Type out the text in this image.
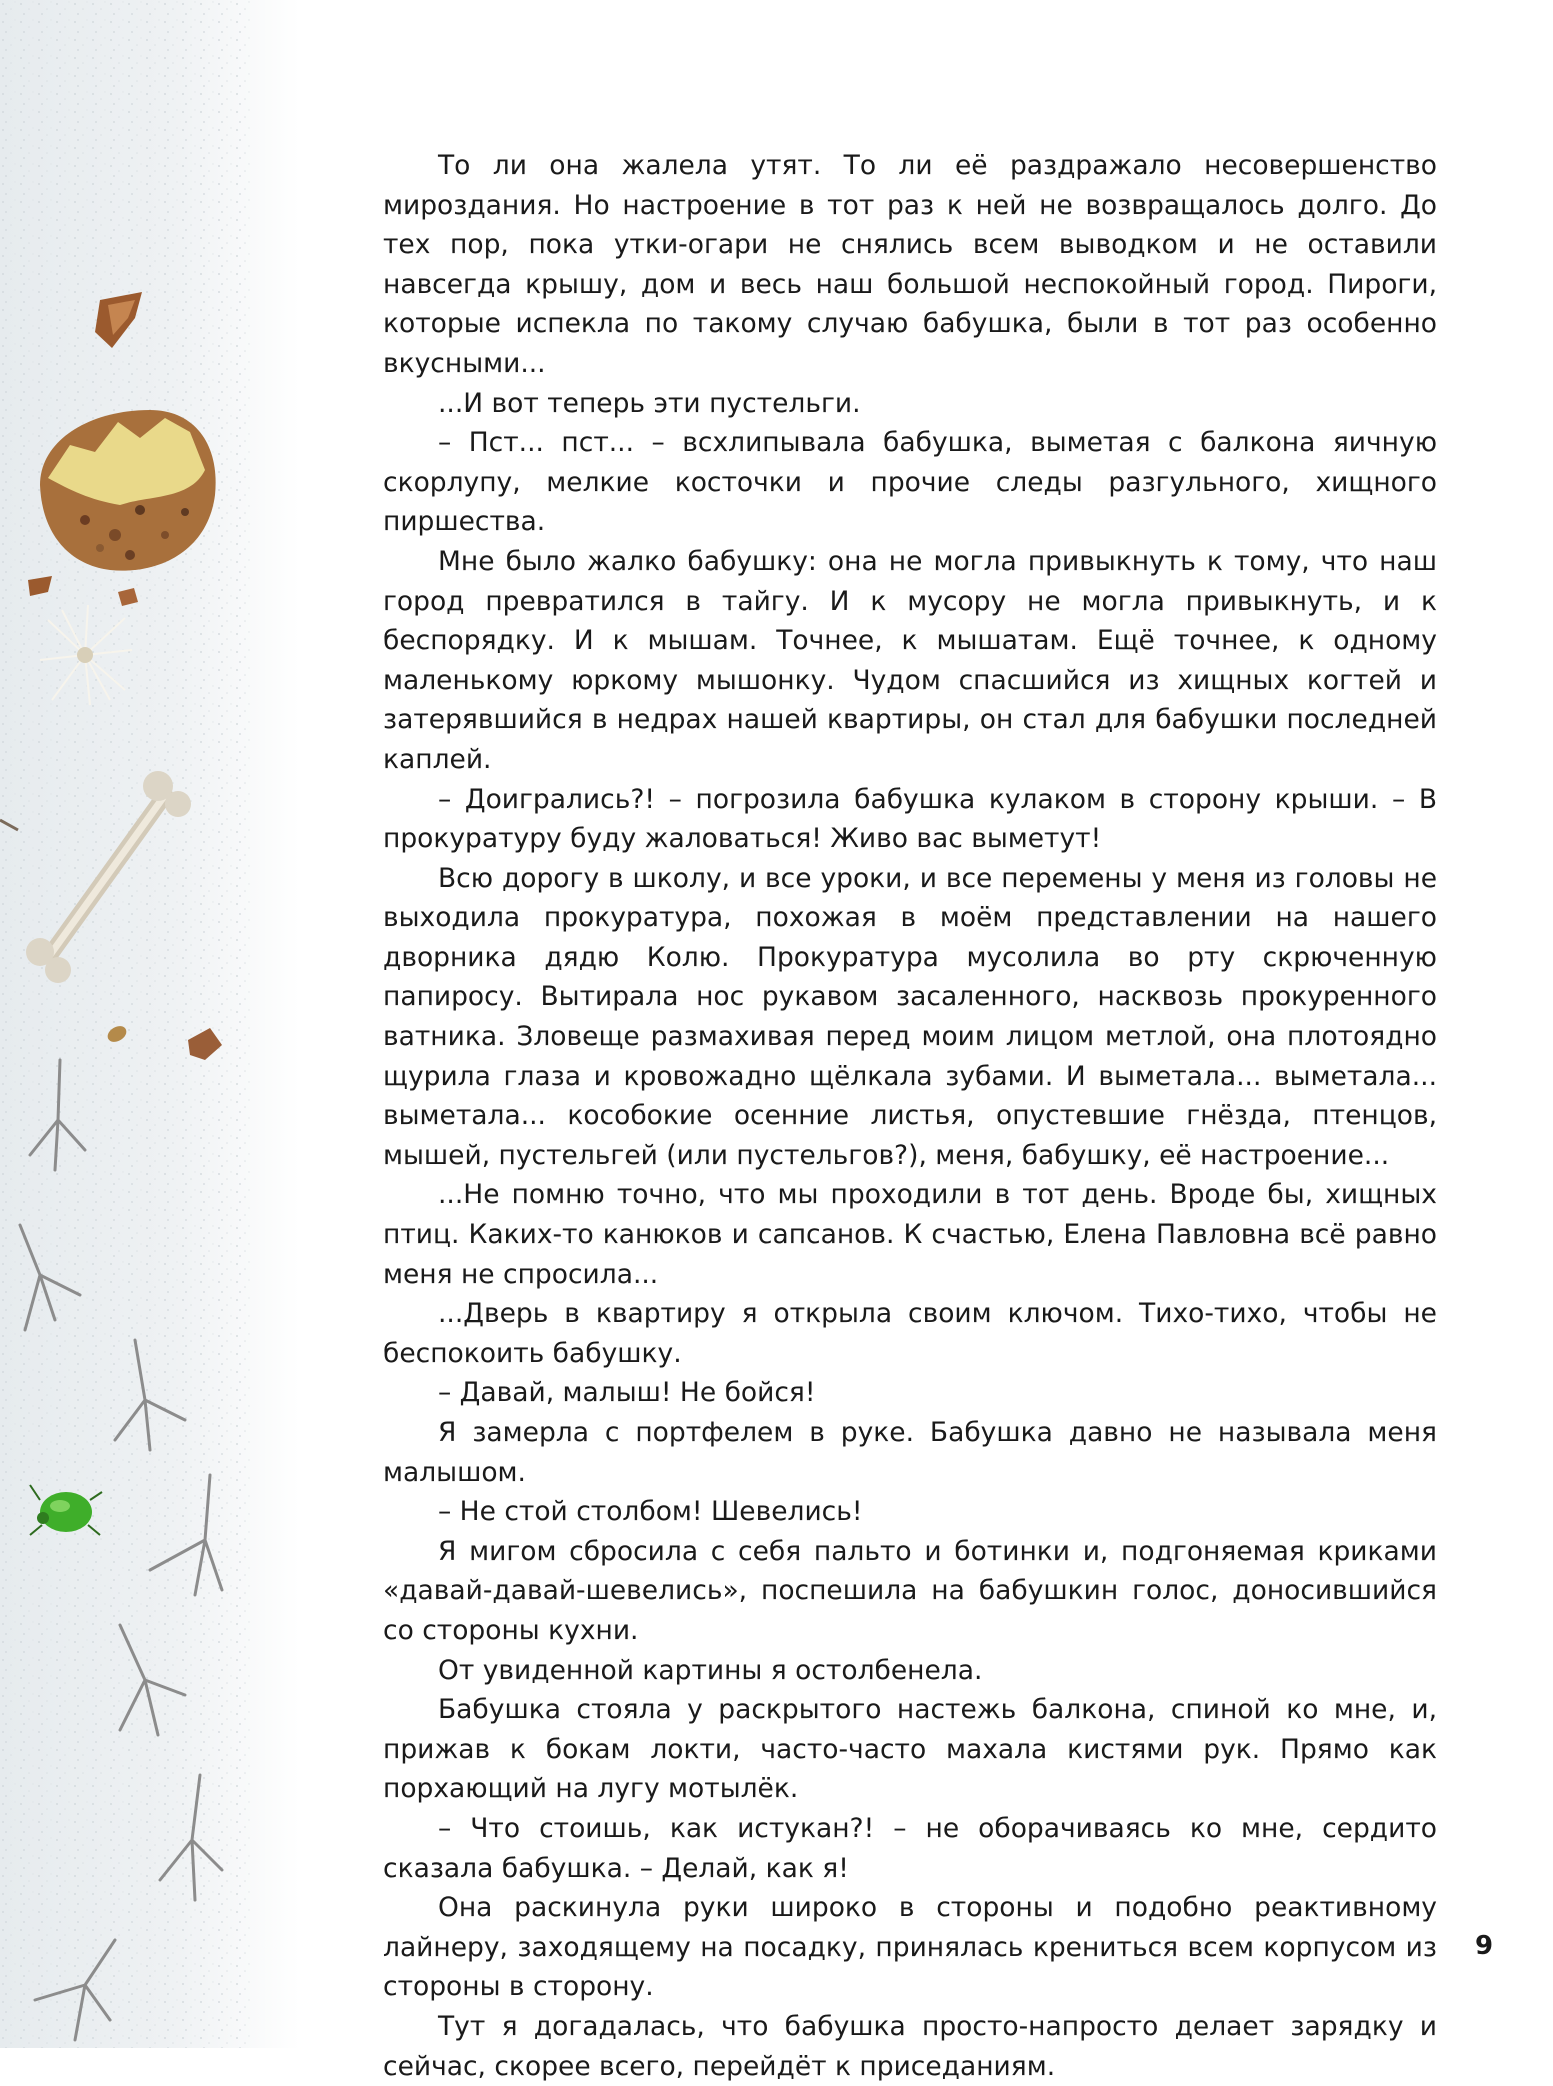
То ли она жалела утят. То ли её раздражало несовершенство мироздания. Но настроение в тот раз к ней не возвращалось долго. До тех пор, пока утки-огари не снялись всем выводком и не оставили навсегда крышу, дом и весь наш большой неспокойный город. Пироги, которые испекла по такому случаю бабушка, были в тот раз особенно вкусными...

...И вот теперь эти пустельги.

– Пст... пст... – всхлипывала бабушка, выметая с балкона яичную скорлупу, мелкие косточки и прочие следы разгульного, хищного пиршества.

Мне было жалко бабушку: она не могла привыкнуть к тому, что наш город превратился в тайгу. И к мусору не могла привыкнуть, и к беспорядку. И к мышам. Точнее, к мышатам. Ещё точнее, к одному маленькому юркому мышонку. Чудом спасшийся из хищных когтей и затерявшийся в недрах нашей квартиры, он стал для бабушки последней каплей.

– Доигрались?! – погрозила бабушка кулаком в сторону крыши. – В прокуратуру буду жаловаться! Живо вас выметут!

Всю дорогу в школу, и все уроки, и все перемены у меня из головы не выходила прокуратура, похожая в моём представлении на нашего дворника дядю Колю. Прокуратура мусолила во рту скрюченную папиросу. Вытирала нос рукавом засаленного, насквозь прокуренного ватника. Зловеще размахивая перед моим лицом метлой, она плотоядно щурила глаза и кровожадно щёлкала зубами. И выметала... выметала... выметала... кособокие осенние листья, опустевшие гнёзда, птенцов, мышей, пустельгей (или пустельгов?), меня, бабушку, её настроение...

...Не помню точно, что мы проходили в тот день. Вроде бы, хищных птиц. Каких-то канюков и сапсанов. К счастью, Елена Павловна всё равно меня не спросила...

...Дверь в квартиру я открыла своим ключом. Тихо-тихо, чтобы не беспокоить бабушку.

– Давай, малыш! Не бойся!

Я замерла с портфелем в руке. Бабушка давно не называла меня малышом.

– Не стой столбом! Шевелись!

Я мигом сбросила с себя пальто и ботинки и, подгоняемая криками «давай-давай-шевелись», поспешила на бабушкин голос, доносившийся со стороны кухни.

От увиденной картины я остолбенела.

Бабушка стояла у раскрытого настежь балкона, спиной ко мне, и, прижав к бокам локти, часто-часто махала кистями рук. Прямо как порхающий на лугу мотылёк.

– Что стоишь, как истукан?! – не оборачиваясь ко мне, сердито сказала бабушка. – Делай, как я!

Она раскинула руки широко в стороны и подобно реактивному лайнеру, заходящему на посадку, принялась крениться всем корпусом из стороны в сторону.

Тут я догадалась, что бабушка просто-напросто делает зарядку и сейчас, скорее всего, перейдёт к приседаниям.

9
